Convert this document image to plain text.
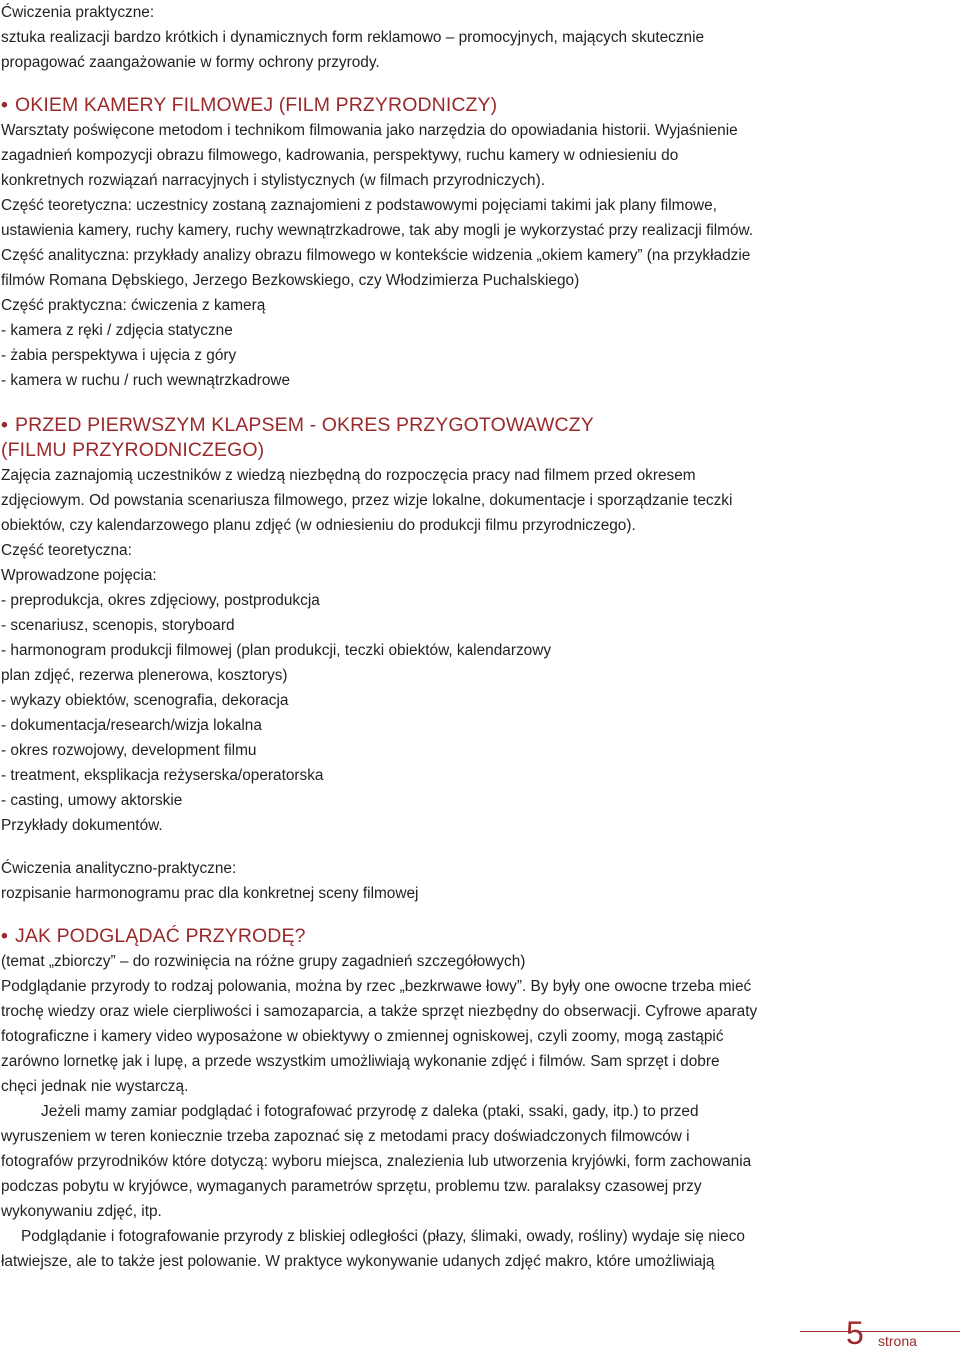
Ćwiczenia praktyczne:
sztuka realizacji bardzo krótkich i dynamicznych form reklamowo – promocyjnych, mających skutecznie
propagować zaangażowanie w formy ochrony przyrody.
• OKIEM KAMERY FILMOWEJ (FILM PRZYRODNICZY)
Warsztaty poświęcone metodom i technikom filmowania jako narzędzia do opowiadania historii. Wyjaśnienie
zagadnień kompozycji obrazu filmowego, kadrowania, perspektywy, ruchu kamery w odniesieniu do
konkretnych rozwiązań narracyjnych i stylistycznych (w filmach przyrodniczych).
Część teoretyczna: uczestnicy zostaną zaznajomieni z podstawowymi pojęciami takimi jak plany filmowe,
ustawienia kamery, ruchy kamery, ruchy wewnątrzkadrowe, tak aby mogli je wykorzystać przy realizacji filmów.
Część analityczna: przykłady analizy obrazu filmowego w kontekście widzenia „okiem kamery” (na przykładzie
filmów Romana Dębskiego, Jerzego Bezkowskiego, czy Włodzimierza Puchalskiego)
Część praktyczna: ćwiczenia z kamerą
- kamera z ręki / zdjęcia statyczne
- żabia perspektywa i ujęcia z góry
- kamera w ruchu / ruch wewnątrzkadrowe
• PRZED PIERWSZYM KLAPSEM - OKRES PRZYGOTOWAWCZY
(FILMU PRZYRODNICZEGO)
Zajęcia zaznajomią uczestników z wiedzą niezbędną do rozpoczęcia pracy nad filmem przed okresem
zdjęciowym. Od powstania scenariusza filmowego, przez wizje lokalne, dokumentacje i sporządzanie teczki
obiektów, czy kalendarzowego planu zdjęć (w odniesieniu do produkcji filmu przyrodniczego).
Część teoretyczna:
Wprowadzone pojęcia:
- preprodukcja, okres zdjęciowy, postprodukcja
- scenariusz, scenopis, storyboard
- harmonogram produkcji filmowej (plan produkcji, teczki obiektów, kalendarzowy
plan zdjęć, rezerwa plenerowa, kosztorys)
- wykazy obiektów, scenografia, dekoracja
- dokumentacja/research/wizja lokalna
- okres rozwojowy, development filmu
- treatment, eksplikacja reżyserska/operatorska
- casting, umowy aktorskie
Przykłady dokumentów.
Ćwiczenia analityczno-praktyczne:
rozpisanie harmonogramu prac dla konkretnej sceny filmowej
• JAK PODGLĄDAĆ PRZYRODĘ?
(temat „zbiorczy” – do rozwinięcia na różne grupy zagadnień szczegółowych)
Podglądanie przyrody to rodzaj polowania, można by rzec „bezkrwawe łowy”. By były one owocne trzeba mieć
trochę wiedzy oraz wiele cierpliwości i samozaparcia, a także sprzęt niezbędny do obserwacji. Cyfrowe aparaty
fotograficzne i kamery video wyposażone w obiektywy o zmiennej ogniskowej, czyli zoomy, mogą zastąpić
zarówno lornetkę jak i lupę, a przede wszystkim umożliwiają wykonanie zdjęć i filmów. Sam sprzęt i dobre
chęci jednak nie wystarczą.
Jeżeli mamy zamiar podglądać i fotografować przyrodę z daleka (ptaki, ssaki, gady, itp.) to przed
wyruszeniem w teren koniecznie trzeba zapoznać się z metodami pracy doświadczonych filmowców i
fotografów przyrodników które dotyczą: wyboru miejsca, znalezienia lub utworzenia kryjówki, form zachowania
podczas pobytu w kryjówce, wymaganych parametrów sprzętu, problemu tzw. paralaksy czasowej przy
wykonywaniu zdjęć, itp.
Podglądanie i fotografowanie przyrody z bliskiej odległości (płazy, ślimaki, owady, rośliny) wydaje się nieco
łatwiejsze, ale to także jest polowanie. W praktyce wykonywanie udanych zdjęć makro, które umożliwiają
5 strona
